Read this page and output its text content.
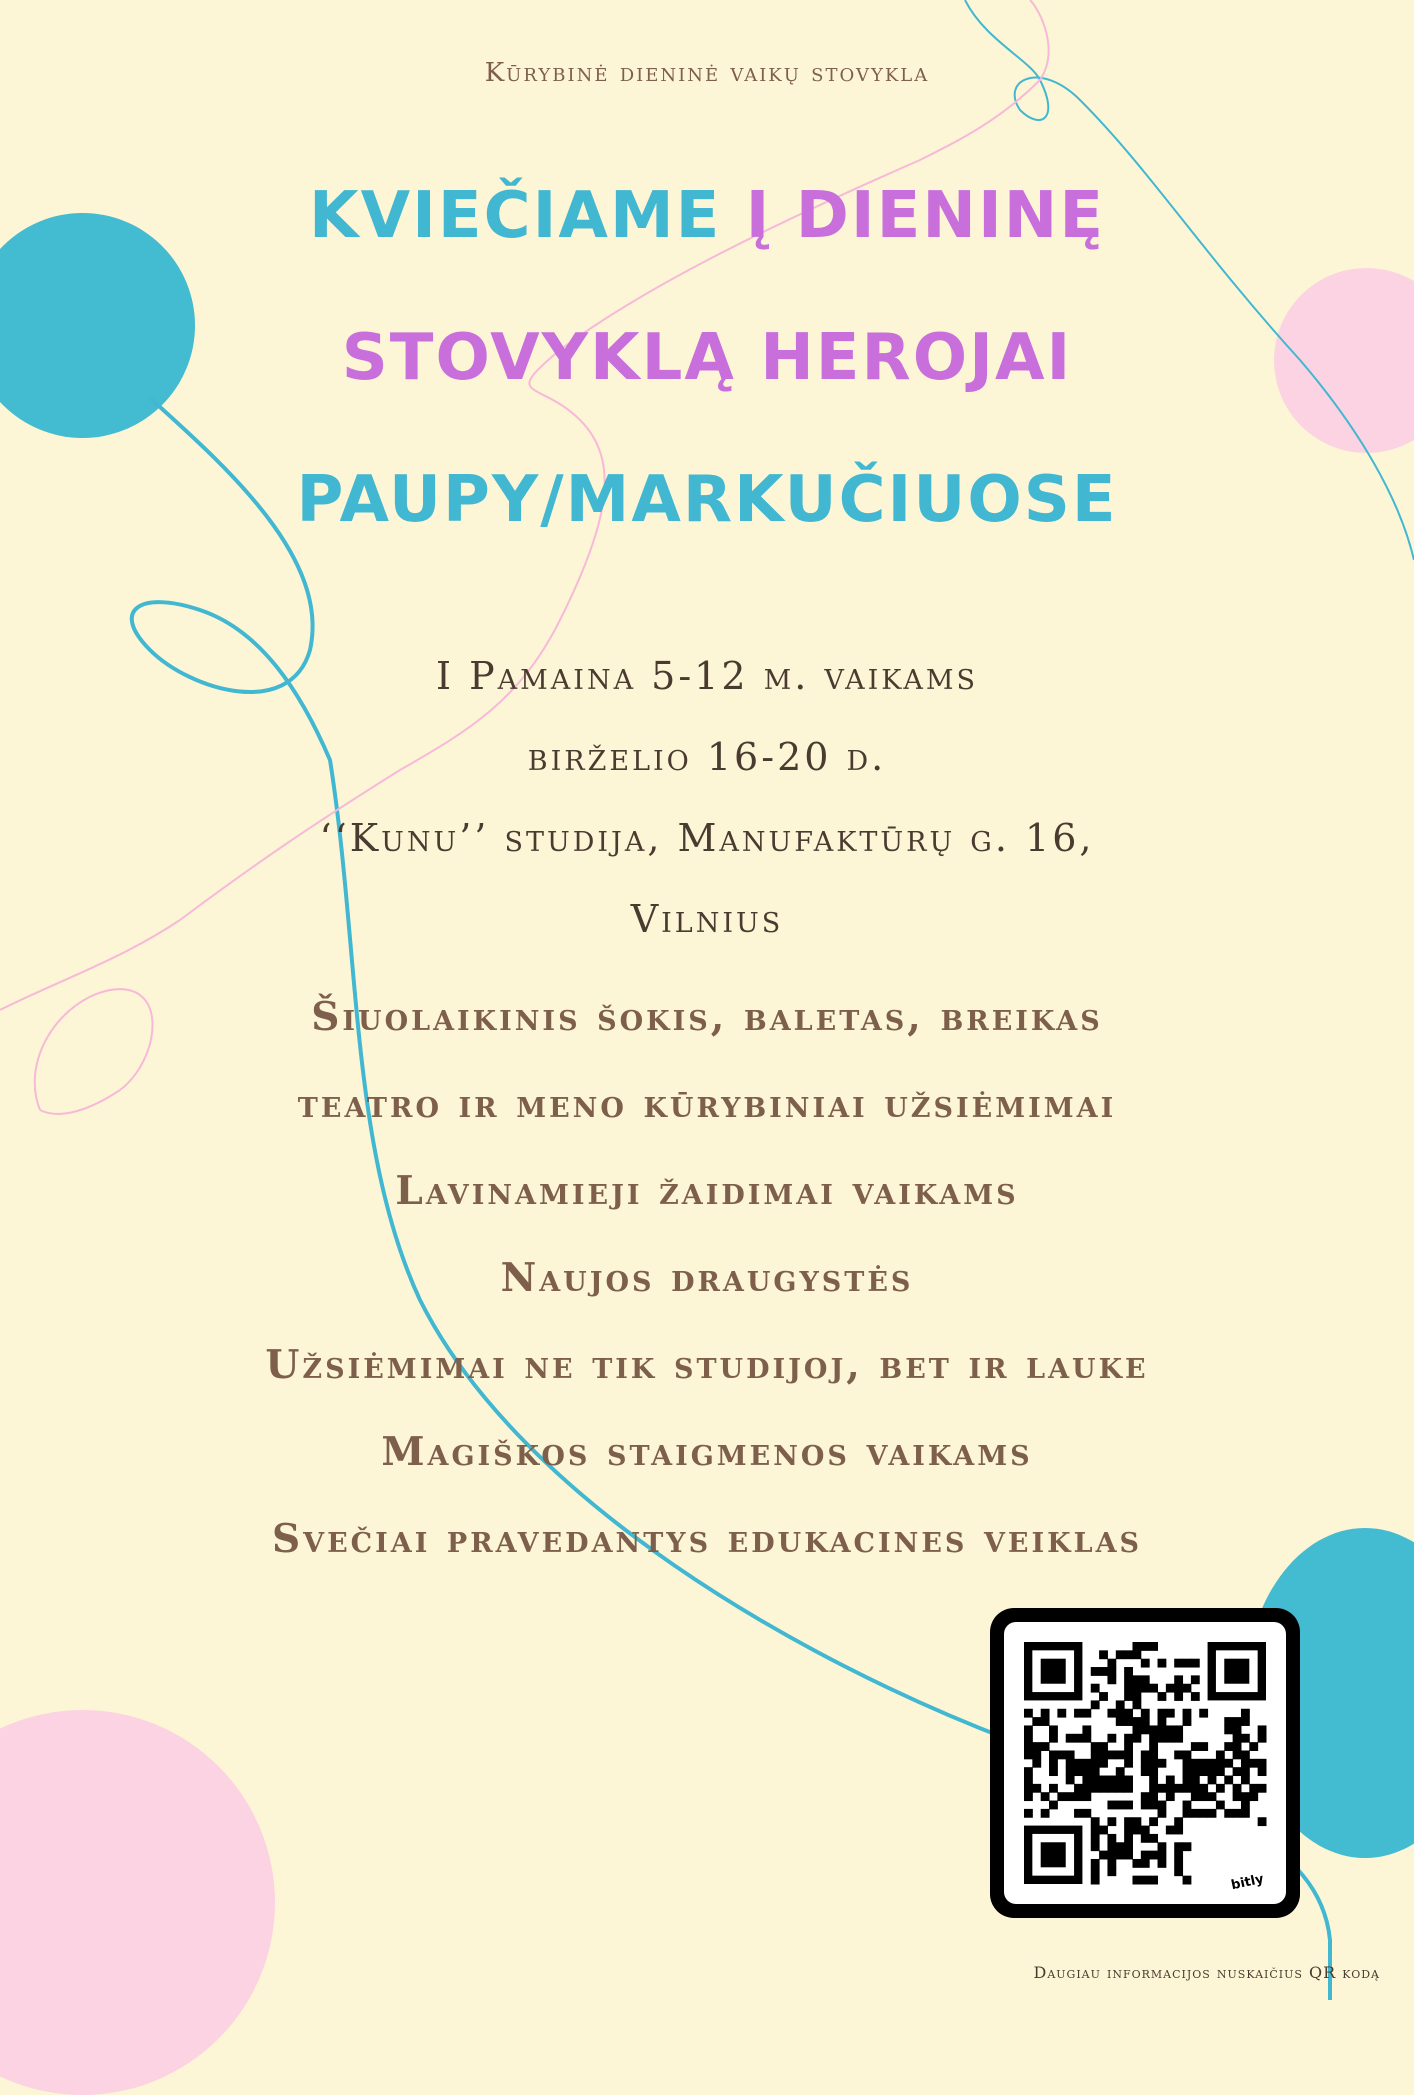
Kūrybinė dieninė vaikų stovykla
KVIEČIAME Į DIENINĘ
STOVYKLĄ HEROJAI
PAUPY/MARKUČIUOSE
I Pamaina 5-12 m. vaikams
birželio 16-20 d.
‘‘Kunu’’ studija, Manufaktūrų g. 16,
Vilnius
Šiuolaikinis šokis, baletas, breikas
teatro ir meno kūrybiniai užsiėmimai
Lavinamieji žaidimai vaikams
Naujos draugystės
Užsiėmimai ne tik studijoj, bet ir lauke
Magiškos staigmenos vaikams
Svečiai pravedantys edukacines veiklas
bitly
Daugiau informacijos nuskaičius QR kodą
